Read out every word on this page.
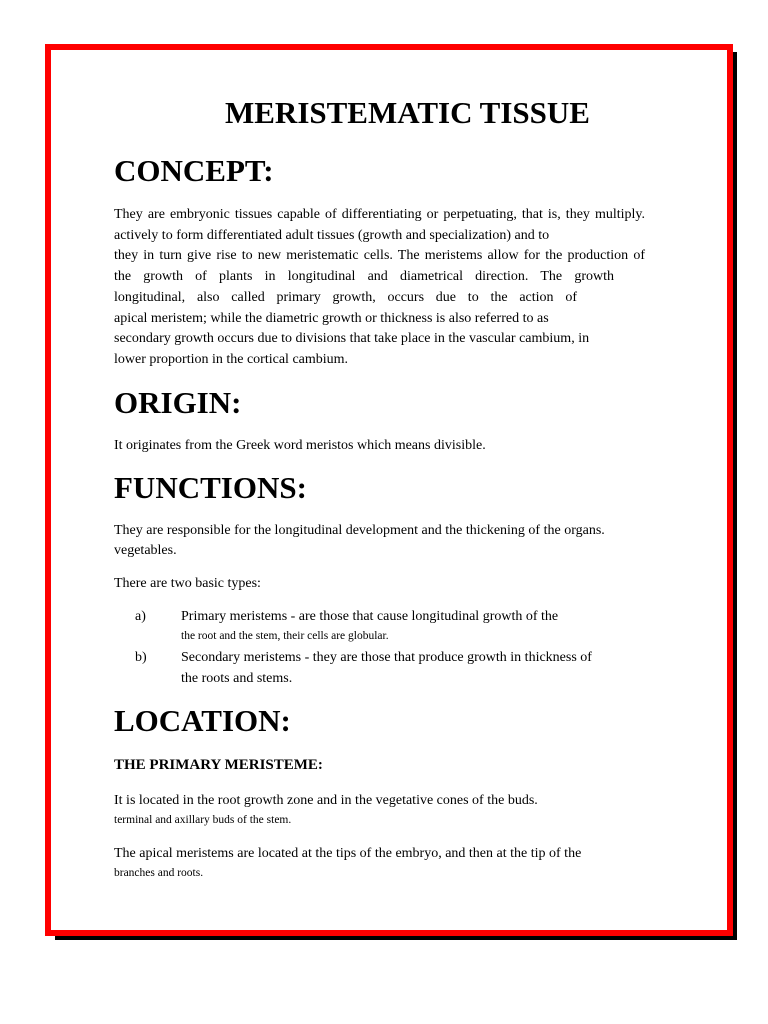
MERISTEMATIC TISSUE
CONCEPT:

They are embryonic tissues capable of differentiating or perpetuating, that is, they multiply.

actively to form differentiated adult tissues (growth and specialization) and to

they in turn give rise to new meristematic cells. The meristems allow for the production of

the growth of plants in longitudinal and diametrical direction. The growth

longitudinal, also called primary growth, occurs due to the action of

apical meristem; while the diametric growth or thickness is also referred to as

secondary growth occurs due to divisions that take place in the vascular cambium, in

lower proportion in the cortical cambium.

ORIGIN:

It originates from the Greek word meristos which means divisible.

FUNCTIONS:

They are responsible for the longitudinal development and the thickening of the organs.

vegetables.

There are two basic types:

a)	Primary meristems - are those that cause longitudinal growth of the

the root and the stem, their cells are globular.

b) Secondary meristems - they are those that produce growth in thickness of

the roots and stems.

LOCATION:

THE PRIMARY MERISTEME:

It is located in the root growth zone and in the vegetative cones of the buds.

terminal and axillary buds of the stem.

The apical meristems are located at the tips of the embryo, and then at the tip of the

branches and roots.
